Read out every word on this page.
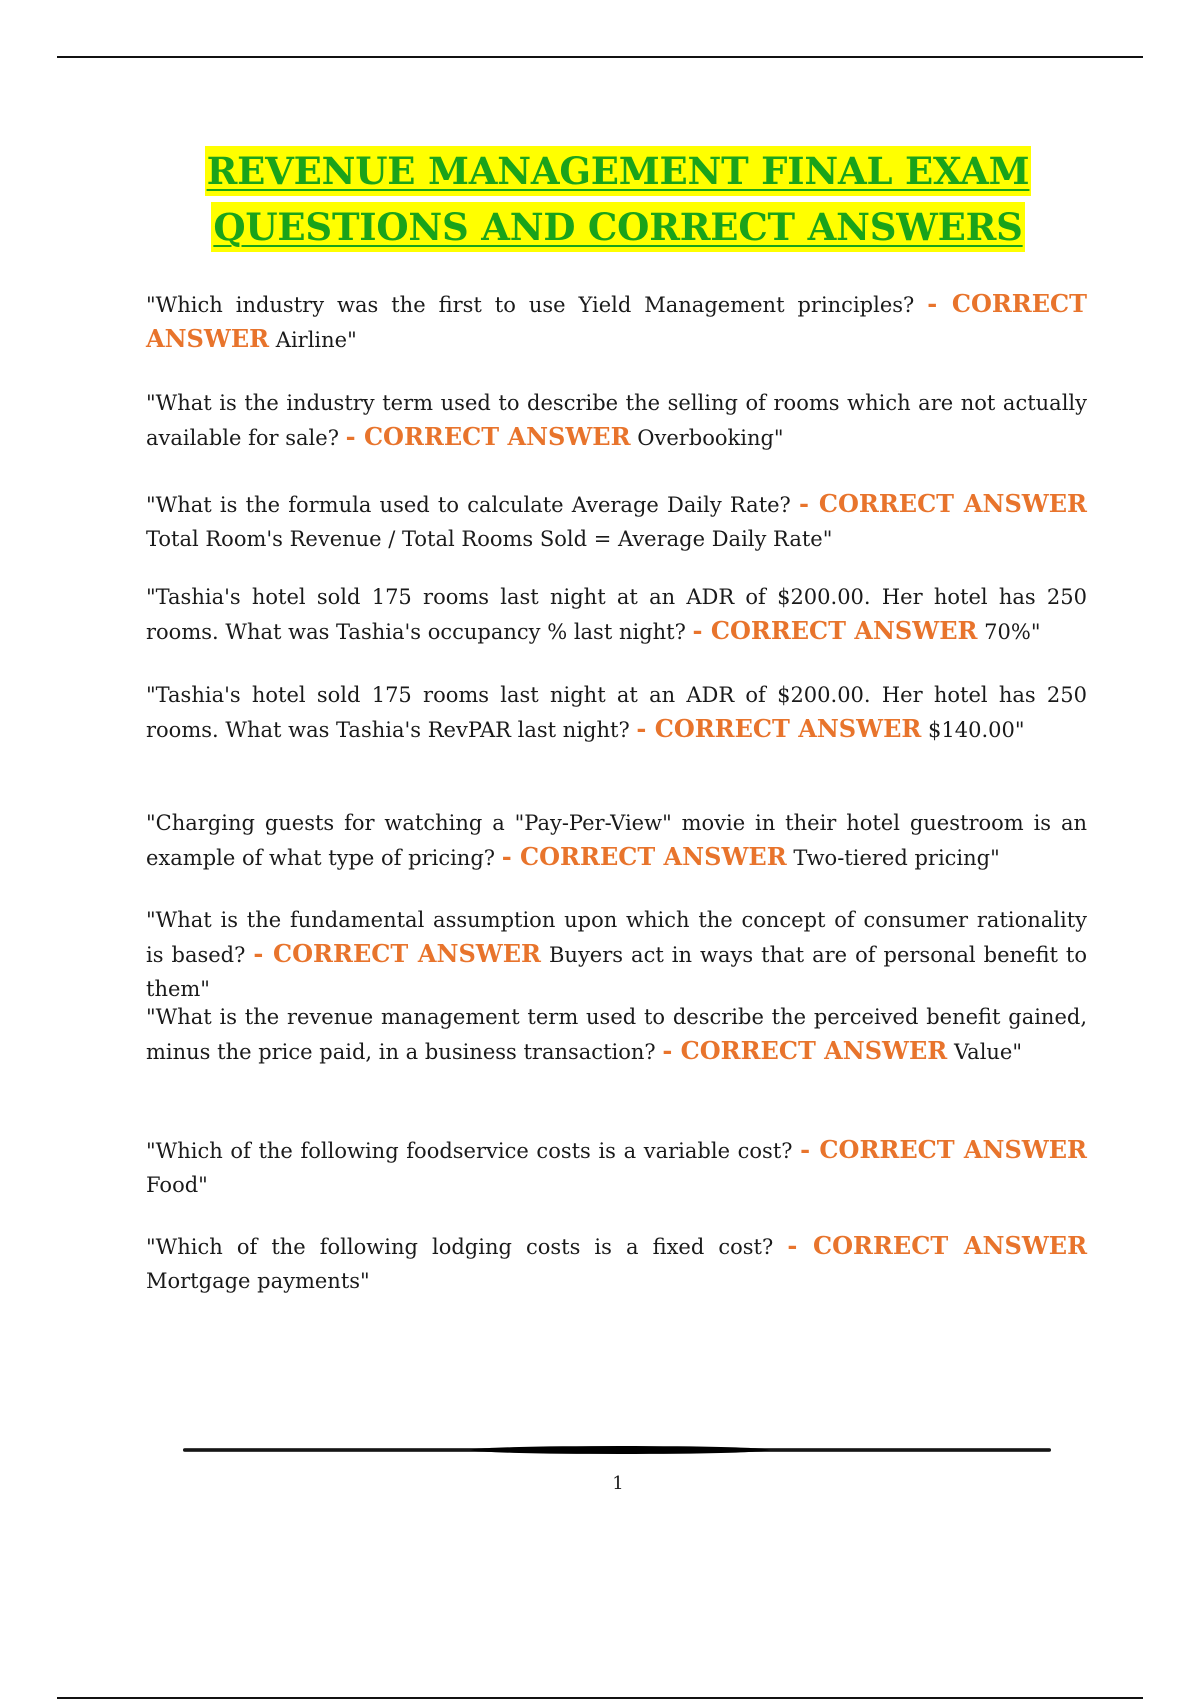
REVENUE MANAGEMENT FINAL EXAM
QUESTIONS AND CORRECT ANSWERS

"Which industry was the first to use Yield Management principles? - CORRECT ANSWER Airline"

"What is the industry term used to describe the selling of rooms which are not actually available for sale? - CORRECT ANSWER Overbooking"

"What is the formula used to calculate Average Daily Rate? - CORRECT ANSWER Total Room's Revenue / Total Rooms Sold = Average Daily Rate"

"Tashia's hotel sold 175 rooms last night at an ADR of $200.00. Her hotel has 250 rooms. What was Tashia's occupancy % last night? - CORRECT ANSWER 70%"

"Tashia's hotel sold 175 rooms last night at an ADR of $200.00. Her hotel has 250 rooms. What was Tashia's RevPAR last night? - CORRECT ANSWER $140.00"

"Charging guests for watching a "Pay-Per-View" movie in their hotel guestroom is an example of what type of pricing? - CORRECT ANSWER Two-tiered pricing"

"What is the fundamental assumption upon which the concept of consumer rationality is based? - CORRECT ANSWER Buyers act in ways that are of personal benefit to them"

"What is the revenue management term used to describe the perceived benefit gained, minus the price paid, in a business transaction? - CORRECT ANSWER Value"

"Which of the following foodservice costs is a variable cost? - CORRECT ANSWER Food"

"Which of the following lodging costs is a fixed cost? - CORRECT ANSWER Mortgage payments"

1
